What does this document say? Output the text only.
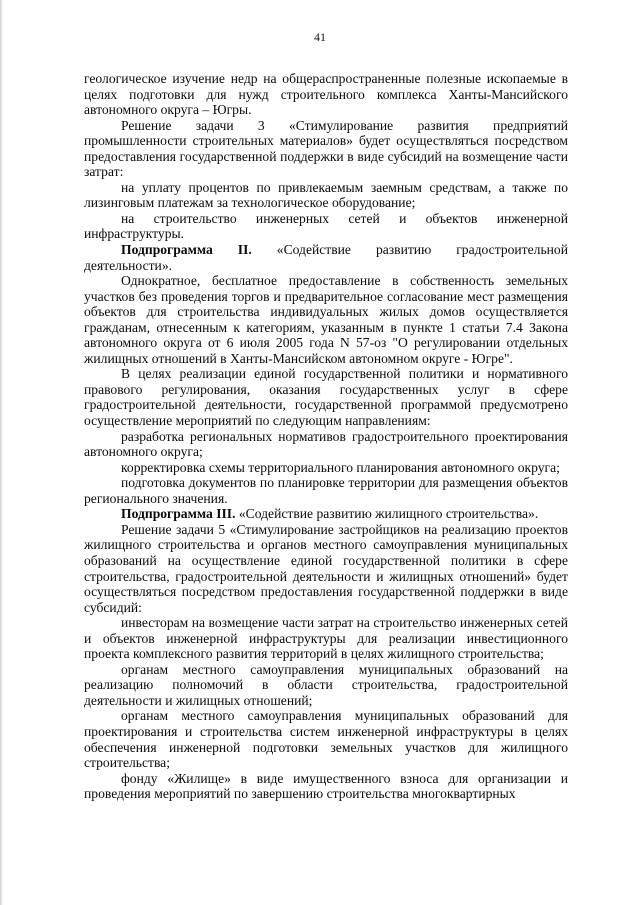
41

геологическое изучение недр на общераспространенные полезные ископаемые в целях подготовки для нужд строительного комплекса Ханты-Мансийского автономного округа – Югры.

Решение задачи 3 «Стимулирование развития предприятий промышленности строительных материалов» будет осуществляться посредством предоставления государственной поддержки в виде субсидий на возмещение части затрат:

на уплату процентов по привлекаемым заемным средствам, а также по лизинговым платежам за технологическое оборудование;

на строительство инженерных сетей и объектов инженерной инфраструктуры.

Подпрограмма II. «Содействие развитию градостроительной деятельности».

Однократное, бесплатное предоставление в собственность земельных участков без проведения торгов и предварительное согласование мест размещения объектов для строительства индивидуальных жилых домов осуществляется гражданам, отнесенным к категориям, указанным в пункте 1 статьи 7.4 Закона автономного округа от 6 июля 2005 года N 57-оз "О регулировании отдельных жилищных отношений в Ханты-Мансийском автономном округе - Югре".

В целях реализации единой государственной политики и нормативного правового регулирования, оказания государственных услуг в сфере градостроительной деятельности, государственной программой предусмотрено осуществление мероприятий по следующим направлениям:

разработка региональных нормативов градостроительного проектирования автономного округа;

корректировка схемы территориального планирования автономного округа;

подготовка документов по планировке территории для размещения объектов регионального значения.

Подпрограмма III. «Содействие развитию жилищного строительства».

Решение задачи 5 «Стимулирование застройщиков на реализацию проектов жилищного строительства и органов местного самоуправления муниципальных образований на осуществление единой государственной политики в сфере строительства, градостроительной деятельности и жилищных отношений» будет осуществляться посредством предоставления государственной поддержки в виде субсидий:

инвесторам на возмещение части затрат на строительство инженерных сетей и объектов инженерной инфраструктуры для реализации инвестиционного проекта комплексного развития территорий в целях жилищного строительства;

органам местного самоуправления муниципальных образований на реализацию полномочий в области строительства, градостроительной деятельности и жилищных отношений;

органам местного самоуправления муниципальных образований для проектирования и строительства систем инженерной инфраструктуры в целях обеспечения инженерной подготовки земельных участков для жилищного строительства;

фонду «Жилище» в виде имущественного взноса для организации и проведения мероприятий по завершению строительства многоквартирных
